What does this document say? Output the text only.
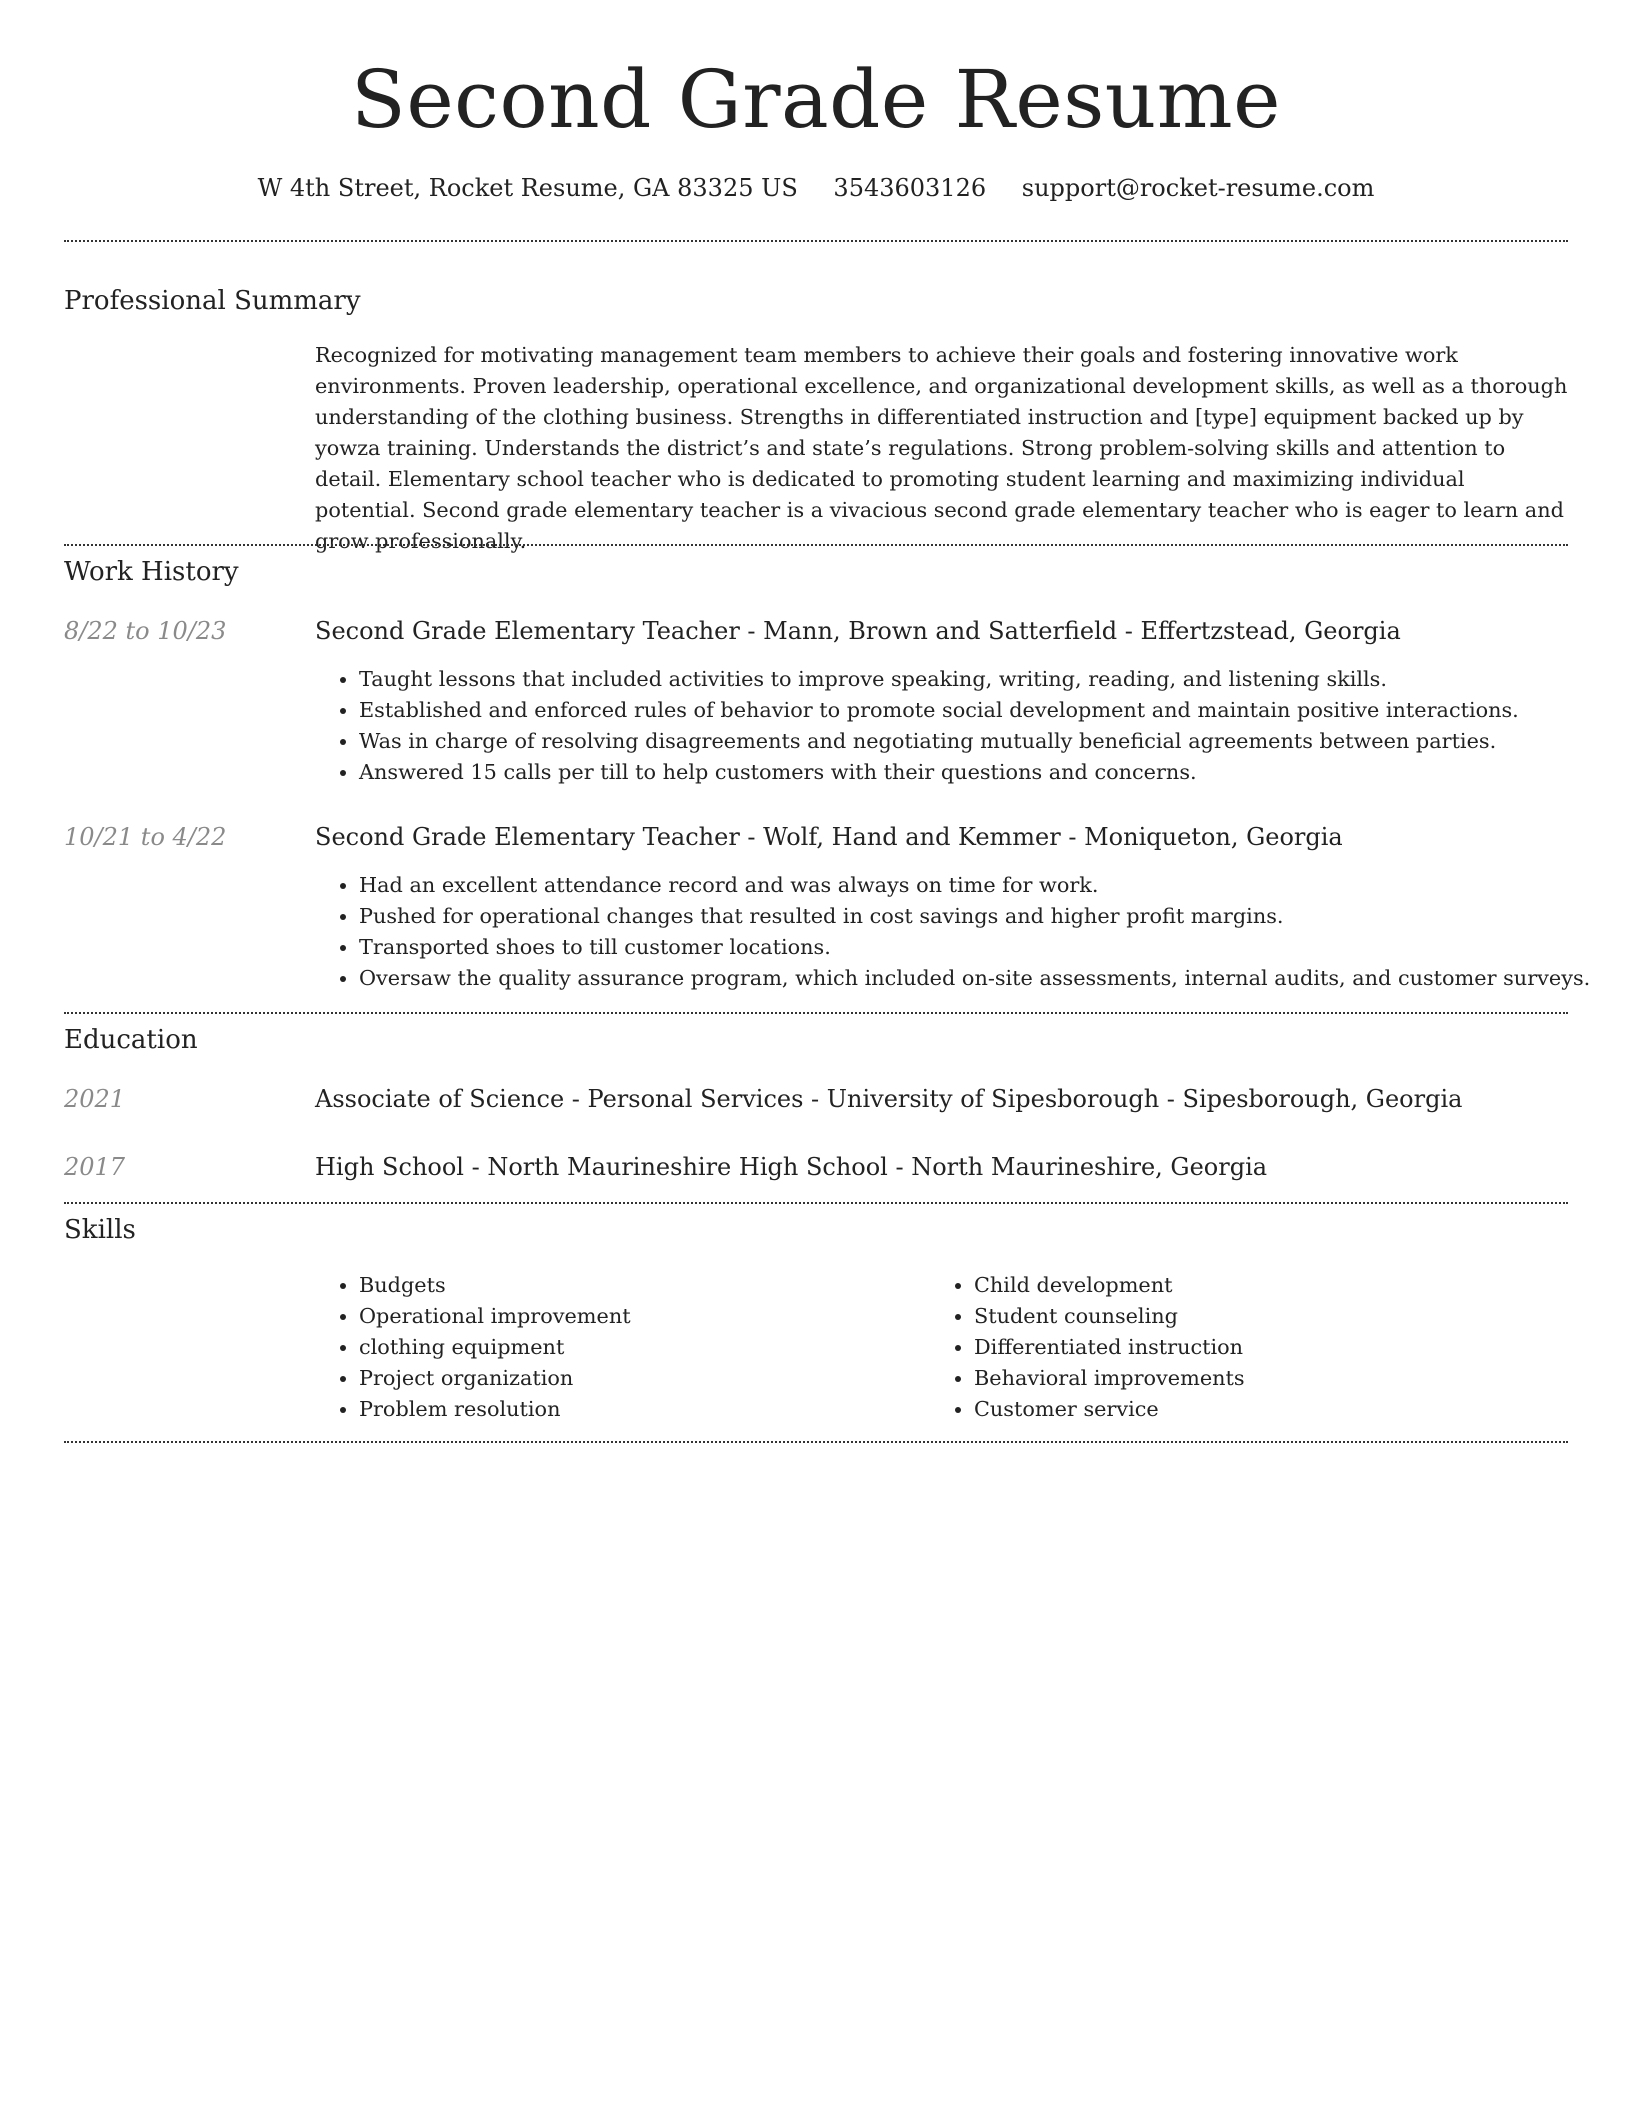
Second Grade Resume
W 4th Street, Rocket Resume, GA 83325 US 3543603126 support@rocket-resume.com
Professional Summary

Recognized for motivating management team members to achieve their goals and fostering innovative work environments. Proven leadership, operational excellence, and organizational development skills, as well as a thorough understanding of the clothing business. Strengths in differentiated instruction and [type] equipment backed up by yowza training. Understands the district’s and state’s regulations. Strong problem-solving skills and attention to detail. Elementary school teacher who is dedicated to promoting student learning and maximizing individual potential. Second grade elementary teacher is a vivacious second grade elementary teacher who is eager to learn and grow professionally.

Work History
8/22 to 10/23	Second Grade Elementary Teacher - Mann, Brown and Satterfield - Effertzstead, Georgia
• Taught lessons that included activities to improve speaking, writing, reading, and listening skills.
• Established and enforced rules of behavior to promote social development and maintain positive interactions.
• Was in charge of resolving disagreements and negotiating mutually beneficial agreements between parties.
• Answered 15 calls per till to help customers with their questions and concerns.
10/21 to 4/22	Second Grade Elementary Teacher - Wolf, Hand and Kemmer - Moniqueton, Georgia
• Had an excellent attendance record and was always on time for work.
• Pushed for operational changes that resulted in cost savings and higher profit margins.
• Transported shoes to till customer locations.
• Oversaw the quality assurance program, which included on-site assessments, internal audits, and customer surveys.
Education
2021	Associate of Science - Personal Services - University of Sipesborough - Sipesborough, Georgia
2017	High School - North Maurineshire High School - North Maurineshire, Georgia
Skills
• Budgets
• Operational improvement
• clothing equipment
• Project organization
• Problem resolution
• Child development
• Student counseling
• Differentiated instruction
• Behavioral improvements
• Customer service
